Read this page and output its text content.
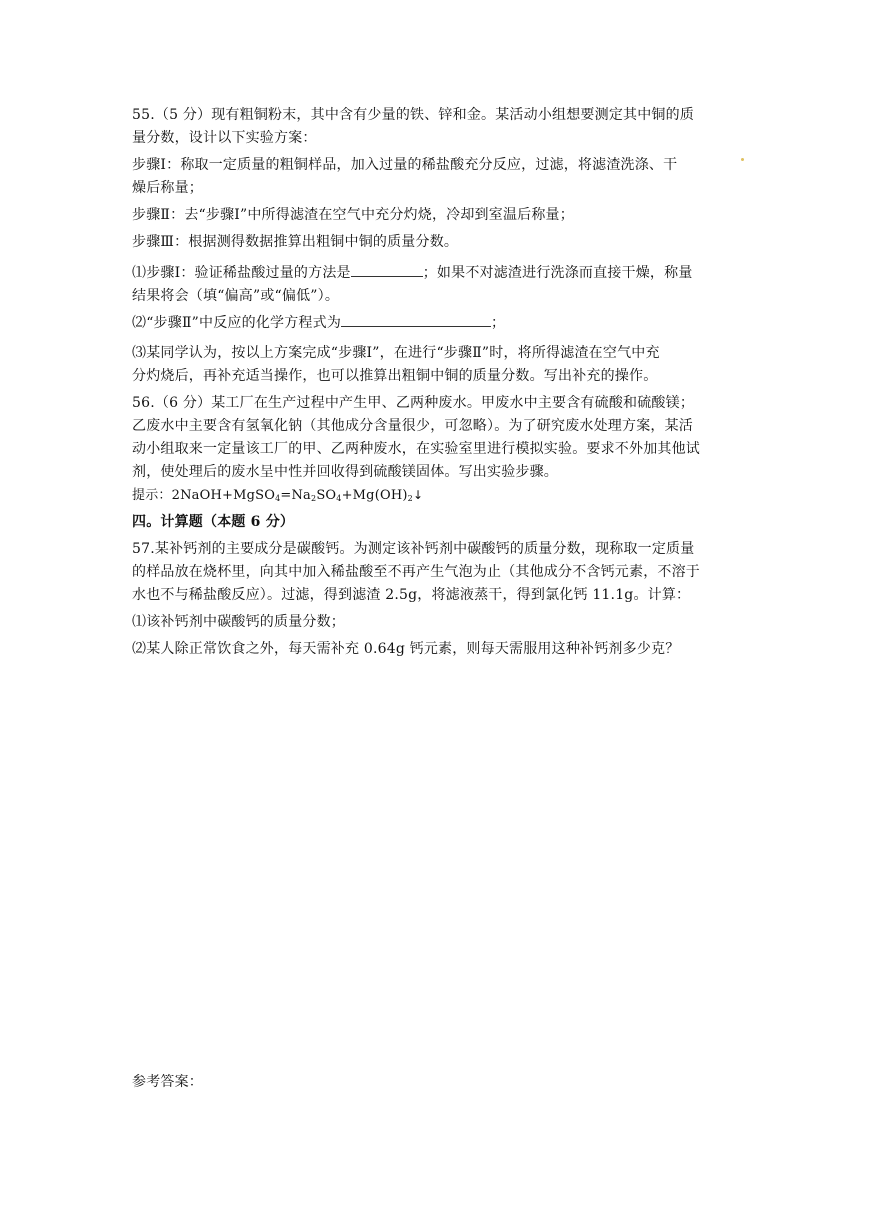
55.（5 分）现有粗铜粉末，其中含有少量的铁、锌和金。某活动小组想要测定其中铜的质

量分数，设计以下实验方案：

步骤Ⅰ：称取一定质量的粗铜样品，加入过量的稀盐酸充分反应，过滤，将滤渣洗涤、干

燥后称量；

步骤Ⅱ：去“步骤Ⅰ”中所得滤渣在空气中充分灼烧，冷却到室温后称量；

步骤Ⅲ：根据测得数据推算出粗铜中铜的质量分数。

⑴步骤Ⅰ：验证稀盐酸过量的方法是	；如果不对滤渣进行洗涤而直接干燥，称量

结果将会（填“偏高”或“偏低”）。

⑵“步骤Ⅱ”中反应的化学方程式为	；

⑶某同学认为，按以上方案完成“步骤Ⅰ”，在进行“步骤Ⅱ”时，将所得滤渣在空气中充

分灼烧后，再补充适当操作，也可以推算出粗铜中铜的质量分数。写出补充的操作。

56.（6 分）某工厂在生产过程中产生甲、乙两种废水。甲废水中主要含有硫酸和硫酸镁；

乙废水中主要含有氢氧化钠（其他成分含量很少，可忽略）。为了研究废水处理方案，某活

动小组取来一定量该工厂的甲、乙两种废水，在实验室里进行模拟实验。要求不外加其他试

剂，使处理后的废水呈中性并回收得到硫酸镁固体。写出实验步骤。

提示：$2NaOH+MgSO_4=Na_2SO_4+Mg(OH)_2↓$

四。计算题（本题 6 分）

57.某补钙剂的主要成分是碳酸钙。为测定该补钙剂中碳酸钙的质量分数，现称取一定质量

的样品放在烧杯里，向其中加入稀盐酸至不再产生气泡为止（其他成分不含钙元素，不溶于

水也不与稀盐酸反应）。过滤，得到滤渣 2.5g，将滤液蒸干，得到氯化钙 11.1g。计算：

⑴该补钙剂中碳酸钙的质量分数；

⑵某人除正常饮食之外，每天需补充 0.64g 钙元素，则每天需服用这种补钙剂多少克？

参考答案：
